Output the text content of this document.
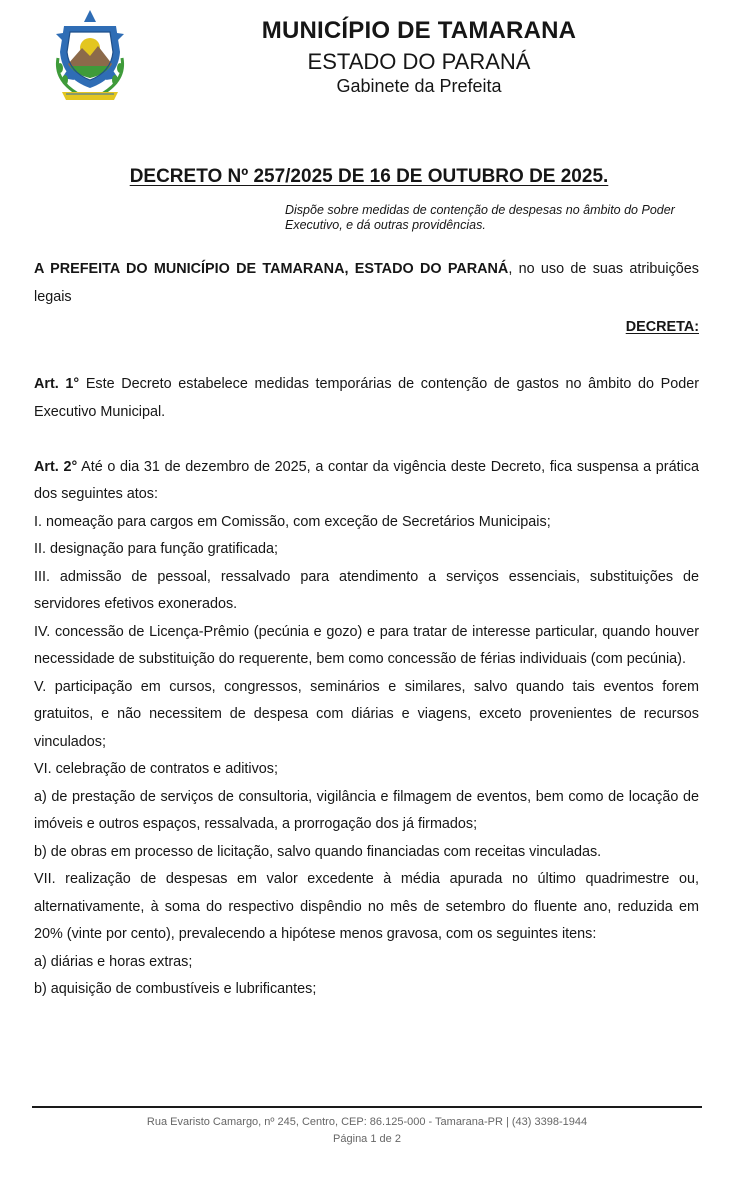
MUNICÍPIO DE TAMARANA
ESTADO DO PARANÁ
Gabinete da Prefeita
DECRETO Nº 257/2025 DE 16 DE OUTUBRO DE 2025.
Dispõe sobre medidas de contenção de despesas no âmbito do Poder Executivo, e dá outras providências.

A PREFEITA DO MUNICÍPIO DE TAMARANA, ESTADO DO PARANÁ, no uso de suas atribuições legais

DECRETA:

Art. 1° Este Decreto estabelece medidas temporárias de contenção de gastos no âmbito do Poder Executivo Municipal.

Art. 2° Até o dia 31 de dezembro de 2025, a contar da vigência deste Decreto, fica suspensa a prática dos seguintes atos:

I. nomeação para cargos em Comissão, com exceção de Secretários Municipais;

II. designação para função gratificada;

III. admissão de pessoal, ressalvado para atendimento a serviços essenciais, substituições de servidores efetivos exonerados.

IV. concessão de Licença-Prêmio (pecúnia e gozo) e para tratar de interesse particular, quando houver necessidade de substituição do requerente, bem como concessão de férias individuais (com pecúnia).

V. participação em cursos, congressos, seminários e similares, salvo quando tais eventos forem gratuitos, e não necessitem de despesa com diárias e viagens, exceto provenientes de recursos vinculados;

VI. celebração de contratos e aditivos;

a) de prestação de serviços de consultoria, vigilância e filmagem de eventos, bem como de locação de imóveis e outros espaços, ressalvada, a prorrogação dos já firmados;

b) de obras em processo de licitação, salvo quando financiadas com receitas vinculadas.

VII. realização de despesas em valor excedente à média apurada no último quadrimestre ou, alternativamente, à soma do respectivo dispêndio no mês de setembro do fluente ano, reduzida em 20% (vinte por cento), prevalecendo a hipótese menos gravosa, com os seguintes itens:

a) diárias e horas extras;

b) aquisição de combustíveis e lubrificantes;

Rua Evaristo Camargo, nº 245, Centro, CEP: 86.125-000 - Tamarana-PR | (43) 3398-1944
Página 1 de 2
